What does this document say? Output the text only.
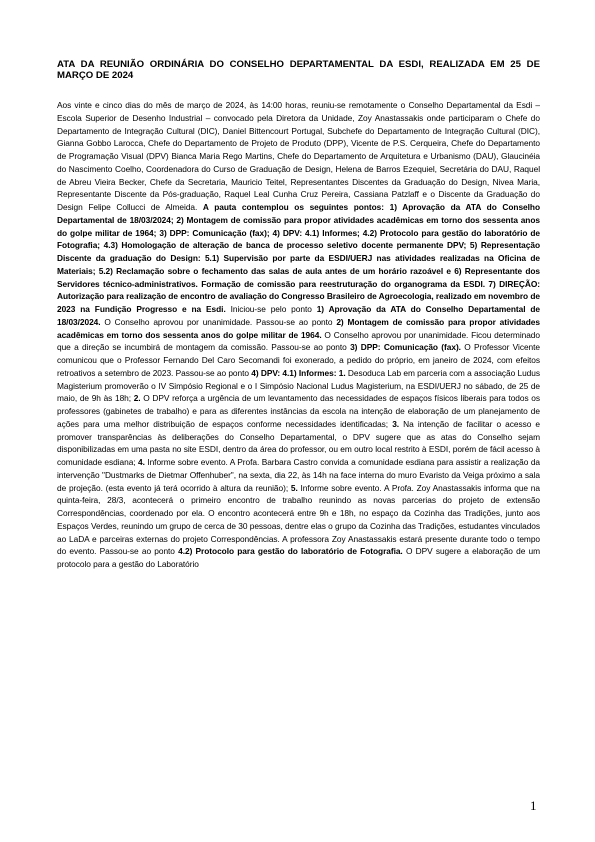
ATA DA REUNIÃO ORDINÁRIA DO CONSELHO DEPARTAMENTAL DA ESDI, REALIZADA EM 25 DE MARÇO DE 2024

Aos vinte e cinco dias do mês de março de 2024, às 14:00 horas, reuniu-se remotamente o Conselho Departamental da Esdi – Escola Superior de Desenho Industrial – convocado pela Diretora da Unidade, Zoy Anastassakis onde participaram o Chefe do Departamento de Integração Cultural (DIC), Daniel Bittencourt Portugal, Subchefe do Departamento de Integração Cultural (DIC), Gianna Gobbo Larocca, Chefe do Departamento de Projeto de Produto (DPP), Vicente de P.S. Cerqueira, Chefe do Departamento de Programação Visual (DPV) Bianca Maria Rego Martins, Chefe do Departamento de Arquitetura e Urbanismo (DAU), Glaucinéia do Nascimento Coelho, Coordenadora do Curso de Graduação de Design, Helena de Barros Ezequiel, Secretária do DAU, Raquel de Abreu Vieira Becker, Chefe da Secretaria, Mauricio Teitel, Representantes Discentes da Graduação do Design, Nivea Maria, Representante Discente da Pós-graduação, Raquel Leal Cunha Cruz Pereira, Cassiana Patzlaff e o Discente da Graduação do Design Felipe Collucci de Almeida. A pauta contemplou os seguintes pontos: 1) Aprovação da ATA do Conselho Departamental de 18/03/2024; 2) Montagem de comissão para propor atividades acadêmicas em torno dos sessenta anos do golpe militar de 1964; 3) DPP: Comunicação (fax); 4) DPV: 4.1) Informes; 4.2) Protocolo para gestão do laboratório de Fotografia; 4.3) Homologação de alteração de banca de processo seletivo docente permanente DPV; 5) Representação Discente da graduação do Design: 5.1) Supervisão por parte da ESDI/UERJ nas atividades realizadas na Oficina de Materiais; 5.2) Reclamação sobre o fechamento das salas de aula antes de um horário razoável e 6) Representante dos Servidores técnico-administrativos. Formação de comissão para reestruturação do organograma da ESDI. 7) DIREÇÃO: Autorização para realização de encontro de avaliação do Congresso Brasileiro de Agroecologia, realizado em novembro de 2023 na Fundição Progresso e na Esdi. Iniciou-se pelo ponto 1) Aprovação da ATA do Conselho Departamental de 18/03/2024. O Conselho aprovou por unanimidade. Passou-se ao ponto 2) Montagem de comissão para propor atividades acadêmicas em torno dos sessenta anos do golpe militar de 1964. O Conselho aprovou por unanimidade. Ficou determinado que a direção se incumbirá de montagem da comissão. Passou-se ao ponto 3) DPP: Comunicação (fax). O Professor Vicente comunicou que o Professor Fernando Del Caro Secomandi foi exonerado, a pedido do próprio, em janeiro de 2024, com efeitos retroativos a setembro de 2023. Passou-se ao ponto 4) DPV: 4.1) Informes: 1. Desoduca Lab em parceria com a associação Ludus Magisterium promoverão o IV Simpósio Regional e o I Simpósio Nacional Ludus Magisterium, na ESDI/UERJ no sábado, de 25 de maio, de 9h às 18h; 2. O DPV reforça a urgência de um levantamento das necessidades de espaços físicos liberais para todos os professores (gabinetes de trabalho) e para as diferentes instâncias da escola na intenção de elaboração de um planejamento de ações para uma melhor distribuição de espaços conforme necessidades identificadas; 3. Na intenção de facilitar o acesso e promover transparências às deliberações do Conselho Departamental, o DPV sugere que as atas do Conselho sejam disponibilizadas em uma pasta no site ESDI, dentro da área do professor, ou em outro local restrito à ESDI, porém de fácil acesso à comunidade esdiana; 4. Informe sobre evento. A Profa. Barbara Castro convida a comunidade esdiana para assistir a realização da intervenção "Dustmarks de Dietmar Offenhuber", na sexta, dia 22, às 14h na face interna do muro Evaristo da Veiga próximo a sala de projeção. (esta evento já terá ocorrido à altura da reunião); 5. Informe sobre evento. A Profa. Zoy Anastassakis informa que na quinta-feira, 28/3, acontecerá o primeiro encontro de trabalho reunindo as novas parcerias do projeto de extensão Correspondências, coordenado por ela. O encontro acontecerá entre 9h e 18h, no espaço da Cozinha das Tradições, junto aos Espaços Verdes, reunindo um grupo de cerca de 30 pessoas, dentre elas o grupo da Cozinha das Tradições, estudantes vinculados ao LaDA e parceiras externas do projeto Correspondências. A professora Zoy Anastassakis estará presente durante todo o tempo do evento. Passou-se ao ponto 4.2) Protocolo para gestão do laboratório de Fotografia. O DPV sugere a elaboração de um protocolo para a gestão do Laboratório

1
